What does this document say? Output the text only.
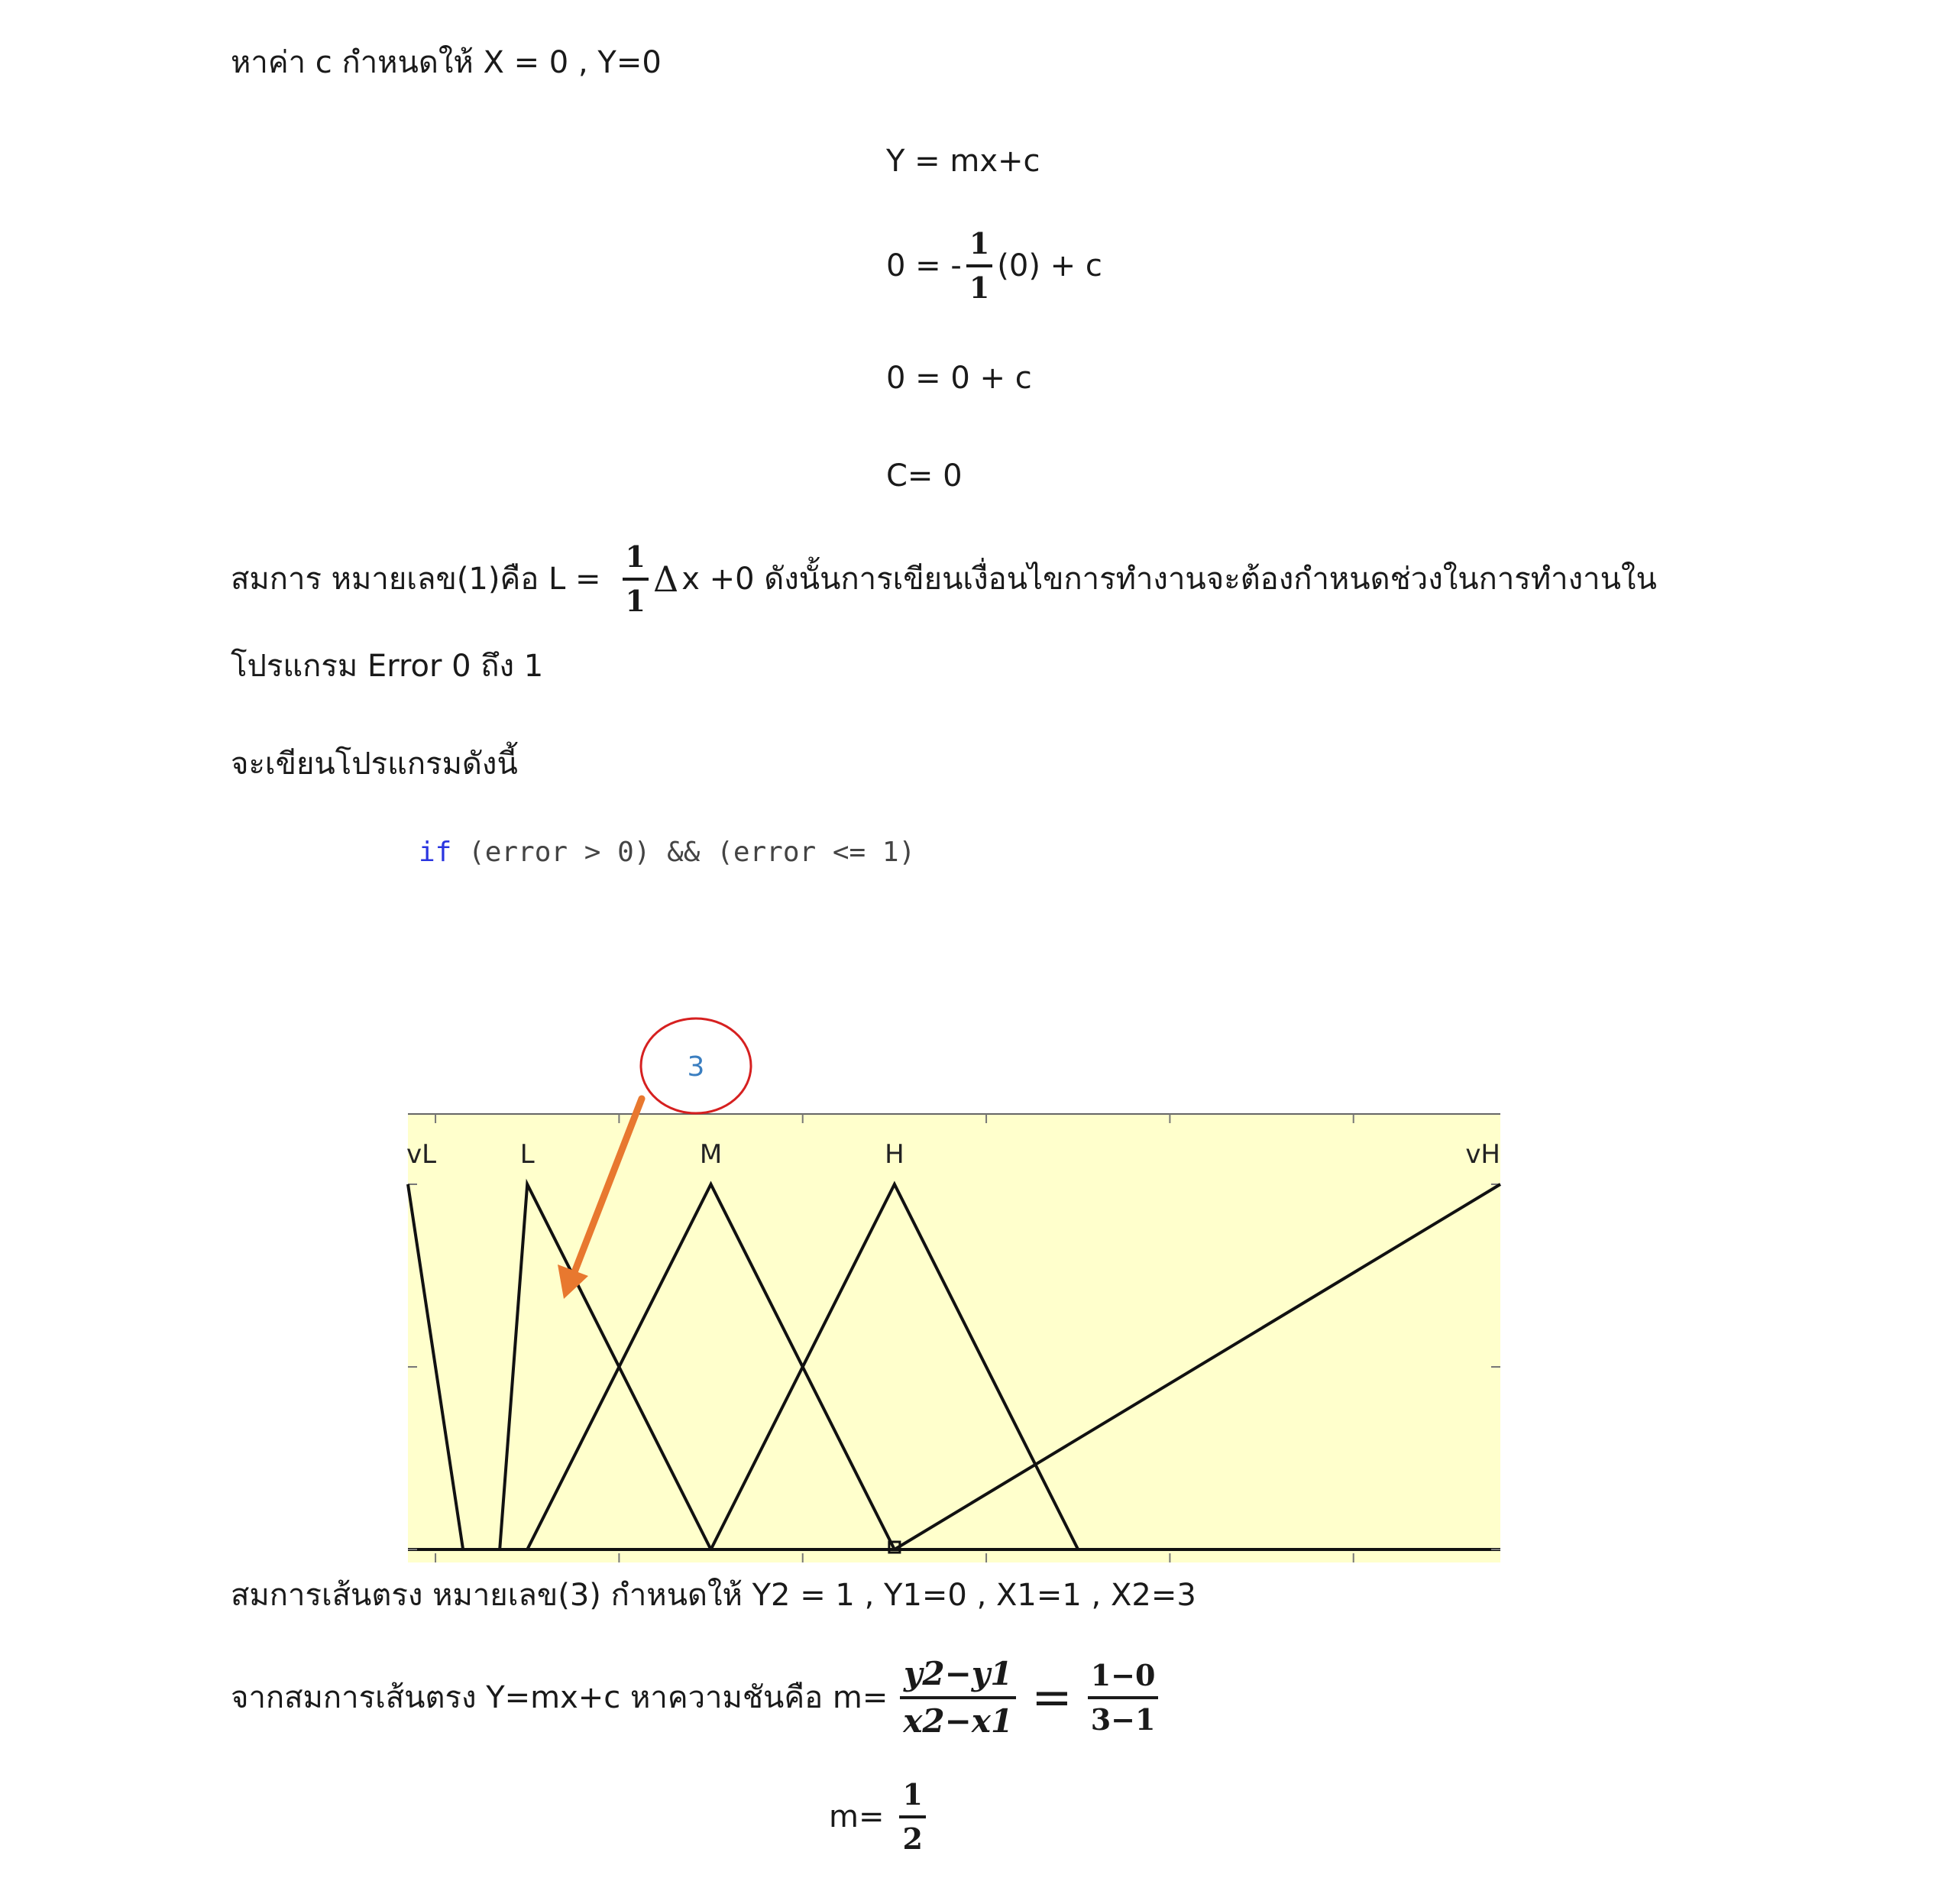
หาค่า c กำหนดให้ X = 0 , Y=0
Y = mx+c
0 = - $\frac{1}{1} (0) + c$
0 = 0 + c
C= 0
สมการ หมายเลข(1)คือ $L = \frac{1}{1}$ Δ x +0 ดังนั้นการเขียนเงื่อนไขการทำงานจะต้องกำหนดช่วงในการทำงานใน
โปรแกรม Error 0 ถึง 1
จะเขียนโปรแกรมดังนี้
if (error > 0) && (error <= 1)
vL	L	M	H	vH
3
สมการเส้นตรง หมายเลข(3) กำหนดให้ Y2 = 1 , Y1=0 , X1=1 , X2=3
จากสมการเส้นตรง Y=mx+c หาความชันคือ $m= \frac{y2-y1}{x2-x1} = \frac{1-0}{3-1}$
$m= \frac{1}{2}$
